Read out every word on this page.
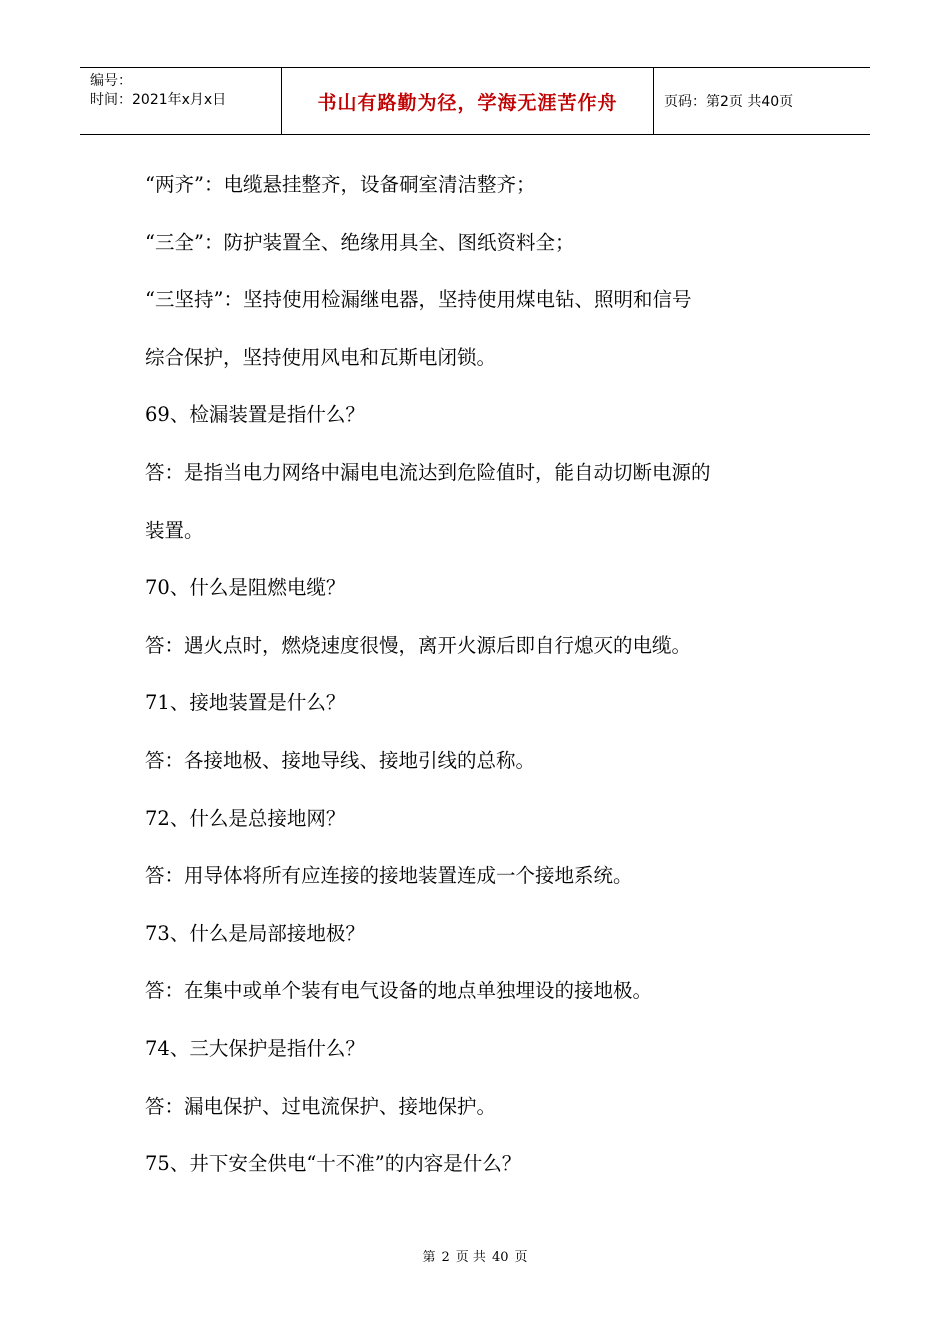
编号：
时间：2021年x月x日	书山有路勤为径，学海无涯苦作舟	页码：第2页 共40页
“两齐”：电缆悬挂整齐，设备硐室清洁整齐；
“三全”：防护装置全、绝缘用具全、图纸资料全；
“三坚持”：坚持使用检漏继电器，坚持使用煤电钻、照明和信号
综合保护，坚持使用风电和瓦斯电闭锁。
69、检漏装置是指什么？
答：是指当电力网络中漏电电流达到危险值时，能自动切断电源的
装置。
70、什么是阻燃电缆？
答：遇火点时，燃烧速度很慢，离开火源后即自行熄灭的电缆。
71、接地装置是什么？
答：各接地极、接地导线、接地引线的总称。
72、什么是总接地网？
答：用导体将所有应连接的接地装置连成一个接地系统。
73、什么是局部接地极？
答：在集中或单个装有电气设备的地点单独埋设的接地极。
74、三大保护是指什么？
答：漏电保护、过电流保护、接地保护。
75、井下安全供电“十不准”的内容是什么？
第 2 页 共 40 页
